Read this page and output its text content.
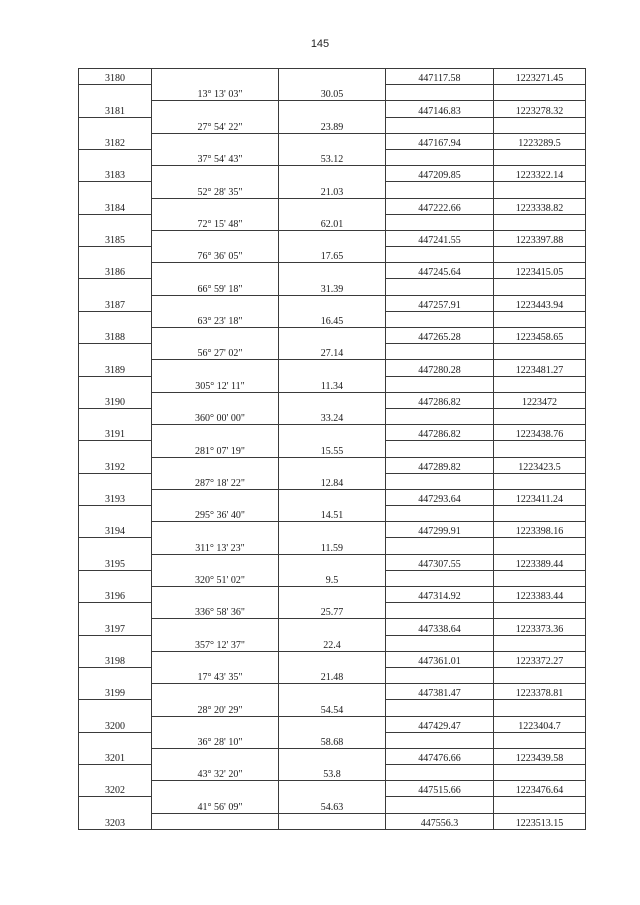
145
3180			447117.58	1223271.45
	13° 13' 03"	30.05		
3181			447146.83	1223278.32
	27° 54' 22"	23.89		
3182			447167.94	1223289.5
	37° 54' 43"	53.12		
3183			447209.85	1223322.14
	52° 28' 35"	21.03		
3184			447222.66	1223338.82
	72° 15' 48"	62.01		
3185			447241.55	1223397.88
	76° 36' 05"	17.65		
3186			447245.64	1223415.05
	66° 59' 18"	31.39		
3187			447257.91	1223443.94
	63° 23' 18"	16.45		
3188			447265.28	1223458.65
	56° 27' 02"	27.14		
3189			447280.28	1223481.27
	305° 12' 11"	11.34		
3190			447286.82	1223472
	360° 00' 00"	33.24		
3191			447286.82	1223438.76
	281° 07' 19"	15.55		
3192			447289.82	1223423.5
	287° 18' 22"	12.84		
3193			447293.64	1223411.24
	295° 36' 40"	14.51		
3194			447299.91	1223398.16
	311° 13' 23"	11.59		
3195			447307.55	1223389.44
	320° 51' 02"	9.5		
3196			447314.92	1223383.44
	336° 58' 36"	25.77		
3197			447338.64	1223373.36
	357° 12' 37"	22.4		
3198			447361.01	1223372.27
	17° 43' 35"	21.48		
3199			447381.47	1223378.81
	28° 20' 29"	54.54		
3200			447429.47	1223404.7
	36° 28' 10"	58.68		
3201			447476.66	1223439.58
	43° 32' 20"	53.8		
3202			447515.66	1223476.64
	41° 56' 09"	54.63		
3203			447556.3	1223513.15
